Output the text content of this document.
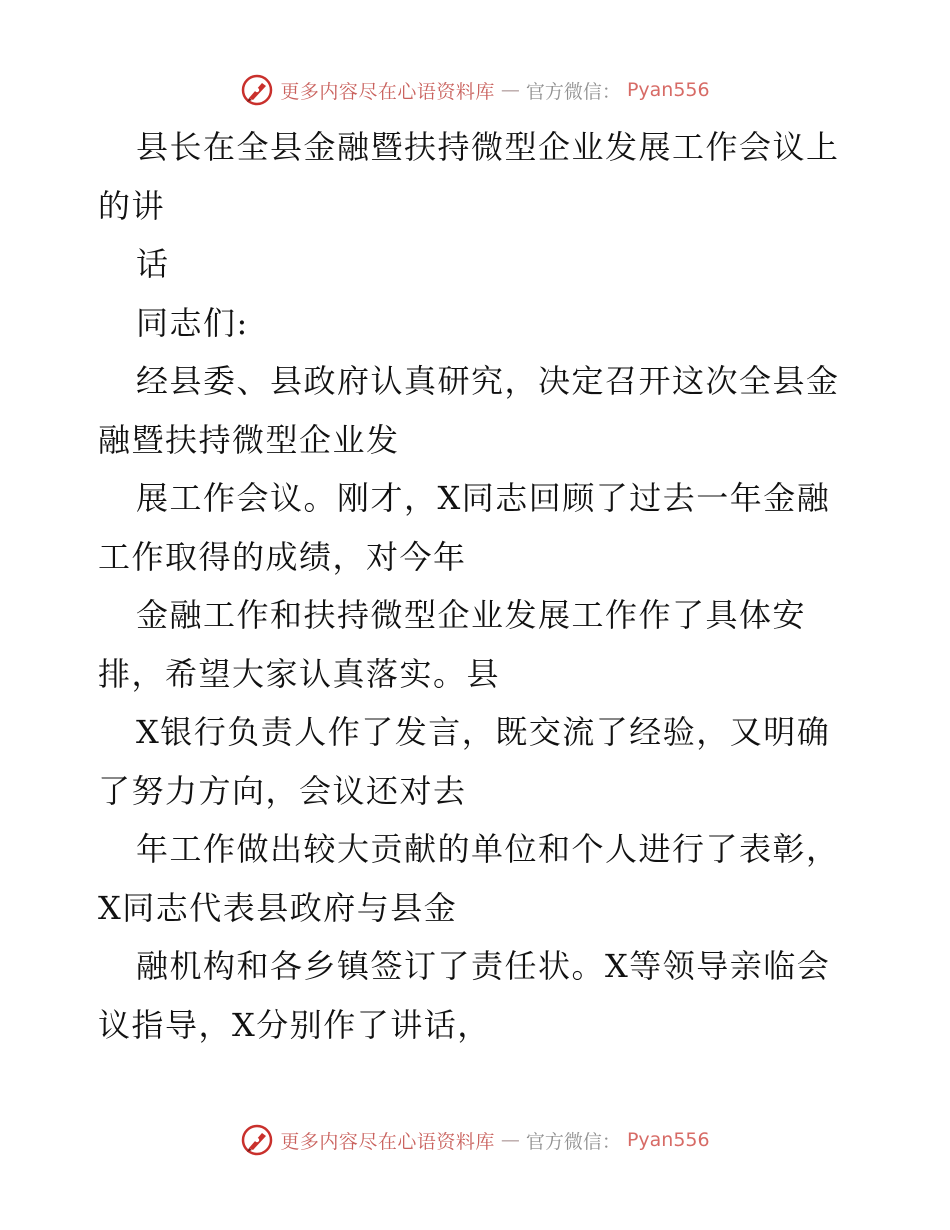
更多内容尽在心语资料库 — 官方微信： Pyan556
县长在全县金融暨扶持微型企业发展工作会议上
的讲
话
同志们:
经县委、县政府认真研究，决定召开这次全县金
融暨扶持微型企业发
展工作会议。刚才，X同志回顾了过去一年金融
工作取得的成绩，对今年
金融工作和扶持微型企业发展工作作了具体安
排，希望大家认真落实。县
X银行负责人作了发言，既交流了经验，又明确
了努力方向，会议还对去
年工作做出较大贡献的单位和个人进行了表彰，
X同志代表县政府与县金
融机构和各乡镇签订了责任状。X等领导亲临会
议指导，X分别作了讲话，
更多内容尽在心语资料库 — 官方微信： Pyan556
